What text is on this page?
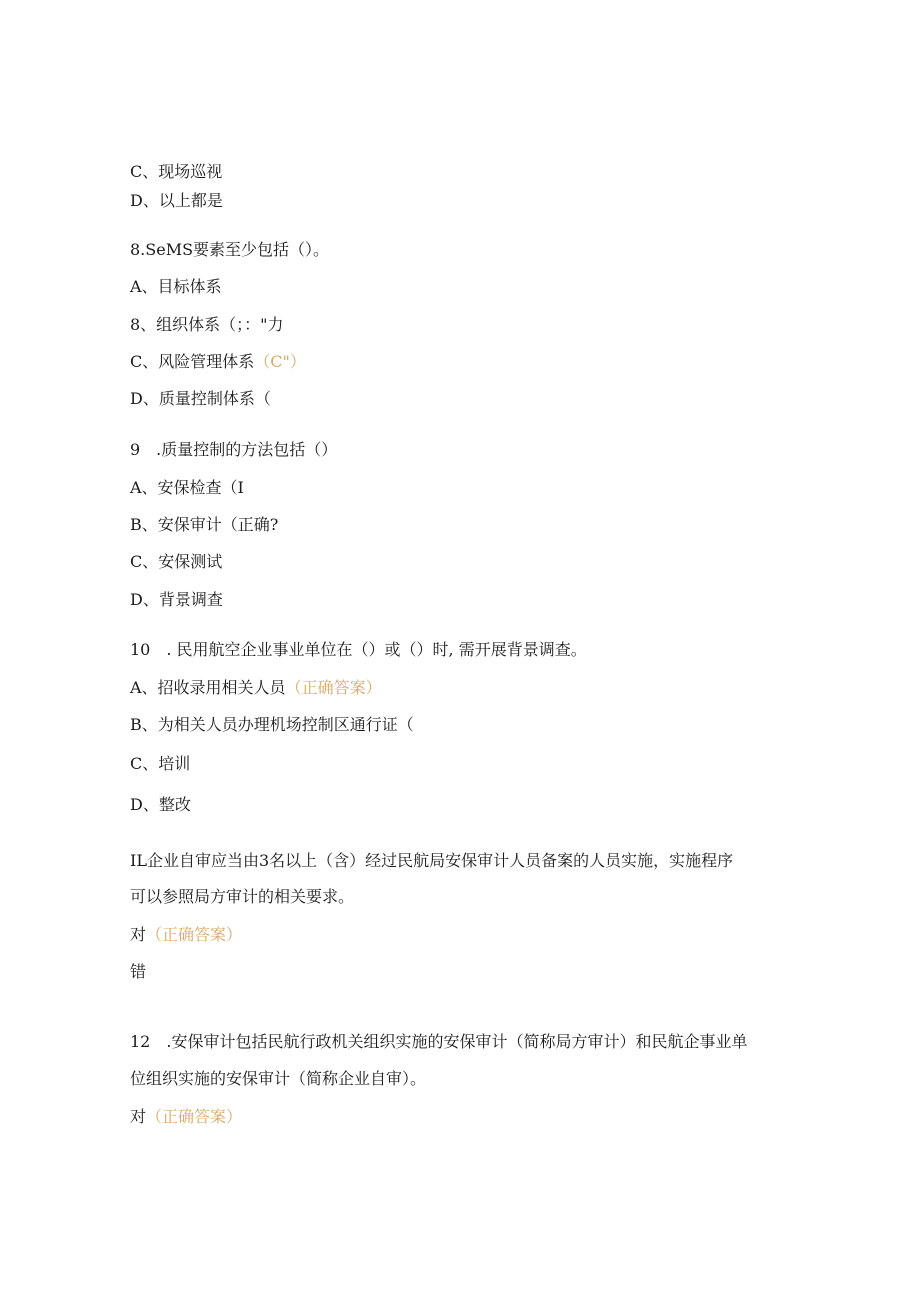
C、现场巡视
D、以上都是
8.SeMS要素至少包括（）。
A、目标体系
8、组织体系（；："力
C、风险管理体系（C"）
D、质量控制体系（
9　.质量控制的方法包括（）
A、安保检查（I
B、安保审计（正确?
C、安保测试
D、背景调查
10　. 民用航空企业事业单位在（）或（）时, 需开展背景调查。
A、招收录用相关人员（正确答案）
B、为相关人员办理机场控制区通行证（
C、培训
D、整改
IL企业自审应当由3名以上（含）经过民航局安保审计人员备案的人员实施，实施程序
可以参照局方审计的相关要求。
对（正确答案）
错
12　.安保审计包括民航行政机关组织实施的安保审计（简称局方审计）和民航企事业单
位组织实施的安保审计（简称企业自审）。
对（正确答案）
